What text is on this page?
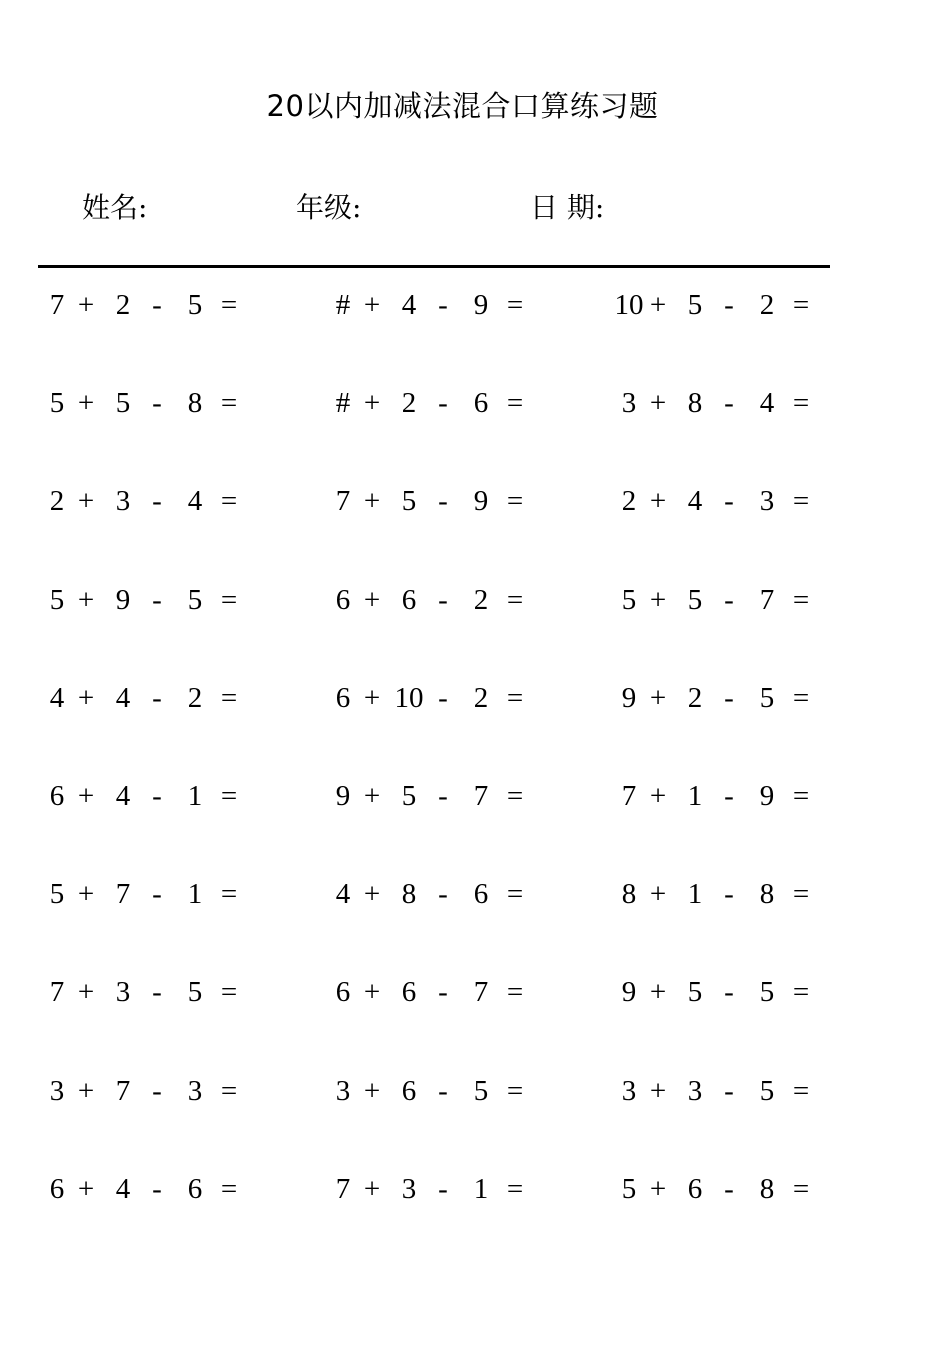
20以内加减法混合口算练习题
姓名:	年级:	日 期:
7 + 2 - 5 =	# + 4 - 9 =	10 + 5 - 2 =
5 + 5 - 8 =	# + 2 - 6 =	3 + 8 - 4 =
2 + 3 - 4 =	7 + 5 - 9 =	2 + 4 - 3 =
5 + 9 - 5 =	6 + 6 - 2 =	5 + 5 - 7 =
4 + 4 - 2 =	6 + 10 - 2 =	9 + 2 - 5 =
6 + 4 - 1 =	9 + 5 - 7 =	7 + 1 - 9 =
5 + 7 - 1 =	4 + 8 - 6 =	8 + 1 - 8 =
7 + 3 - 5 =	6 + 6 - 7 =	9 + 5 - 5 =
3 + 7 - 3 =	3 + 6 - 5 =	3 + 3 - 5 =
6 + 4 - 6 =	7 + 3 - 1 =	5 + 6 - 8 =
